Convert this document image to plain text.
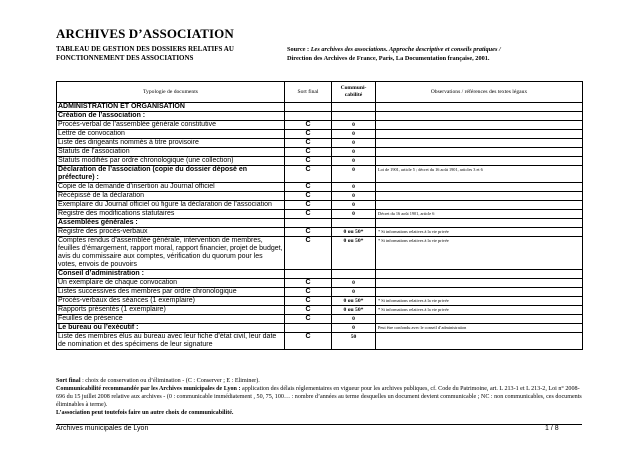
ARCHIVES D’ASSOCIATION
TABLEAU DE GESTION DES DOSSIERS RELATIFS AU FONCTIONNEMENT DES ASSOCIATIONS
Source : Les archives des associations. Approche descriptive et conseils pratiques /
Direction des Archives de France, Paris, La Documentation française, 2001.
Typologie de documents	Sort final	Communi-cabilité	Observations / références des textes légaux
ADMINISTRATION ET ORGANISATION			
Création de l’association :			
Procès-verbal de l’assemblée générale constitutive	C	0	
Lettre de convocation	C	0	
Liste des dirigeants nommés à titre provisoire	C	0	
Statuts de l’association	C	0	
Statuts modifiés par ordre chronologique (une collection)	C	0	
Déclaration de l’association (copie du dossier déposé en préfecture) :	C	0	Loi de 1901, article 5 ; décret du 16 août 1901, articles 3 et 6
Copie de la demande d’insertion au Journal officiel	C	0	
Récépissé de la déclaration	C	0	
Exemplaire du Journal officiel où figure la déclaration de l’association	C	0	
Registre des modifications statutaires	C	0	Décret du 16 août 1901, article 6
Assemblées générales :			
Registre des procès-verbaux	C	0 ou 50*	* Si informations relatives à la vie privée
Comptes rendus d’assemblée générale, intervention de membres, feuilles d’émargement, rapport moral, rapport financier, projet de budget, avis du commissaire aux comptes, vérification du quorum pour les votes, envois de pouvoirs	C	0 ou 50*	* Si informations relatives à la vie privée
Conseil d’administration :			
Un exemplaire de chaque convocation	C	0	
Listes successives des membres par ordre chronologique	C	0	
Procès-verbaux des séances (1 exemplaire)	C	0 ou 50*	* Si informations relatives à la vie privée
Rapports présentés (1 exemplaire)	C	0 ou 50*	* Si informations relatives à la vie privée
Feuilles de présence	C	0	
Le bureau ou l’exécutif :		0	Peut être confondu avec le conseil d’administration
Liste des membres élus au bureau avec leur fiche d’état civil, leur date de nomination et des spécimens de leur signature	C	50	
Sort final : choix de conservation ou d’élimination - (C : Conserver ; E : Eliminer).
Communicabilité recommandée par les Archives municipales de Lyon : application des délais réglementaires en vigueur pour les archives publiques, cf. Code du Patrimoine, art. L 213-1 et L 213-2, Loi n° 2008-696 du 15 juillet 2008 relative aux archives - (0 : communicable immédiatement , 50, 75, 100… : nombre d’années au terme desquelles un document devient communicable ; NC : non communicables, ces documents éliminables à terme).
L’association peut toutefois faire un autre choix de communicabilité.
Archives municipales de Lyon	1 / 8
